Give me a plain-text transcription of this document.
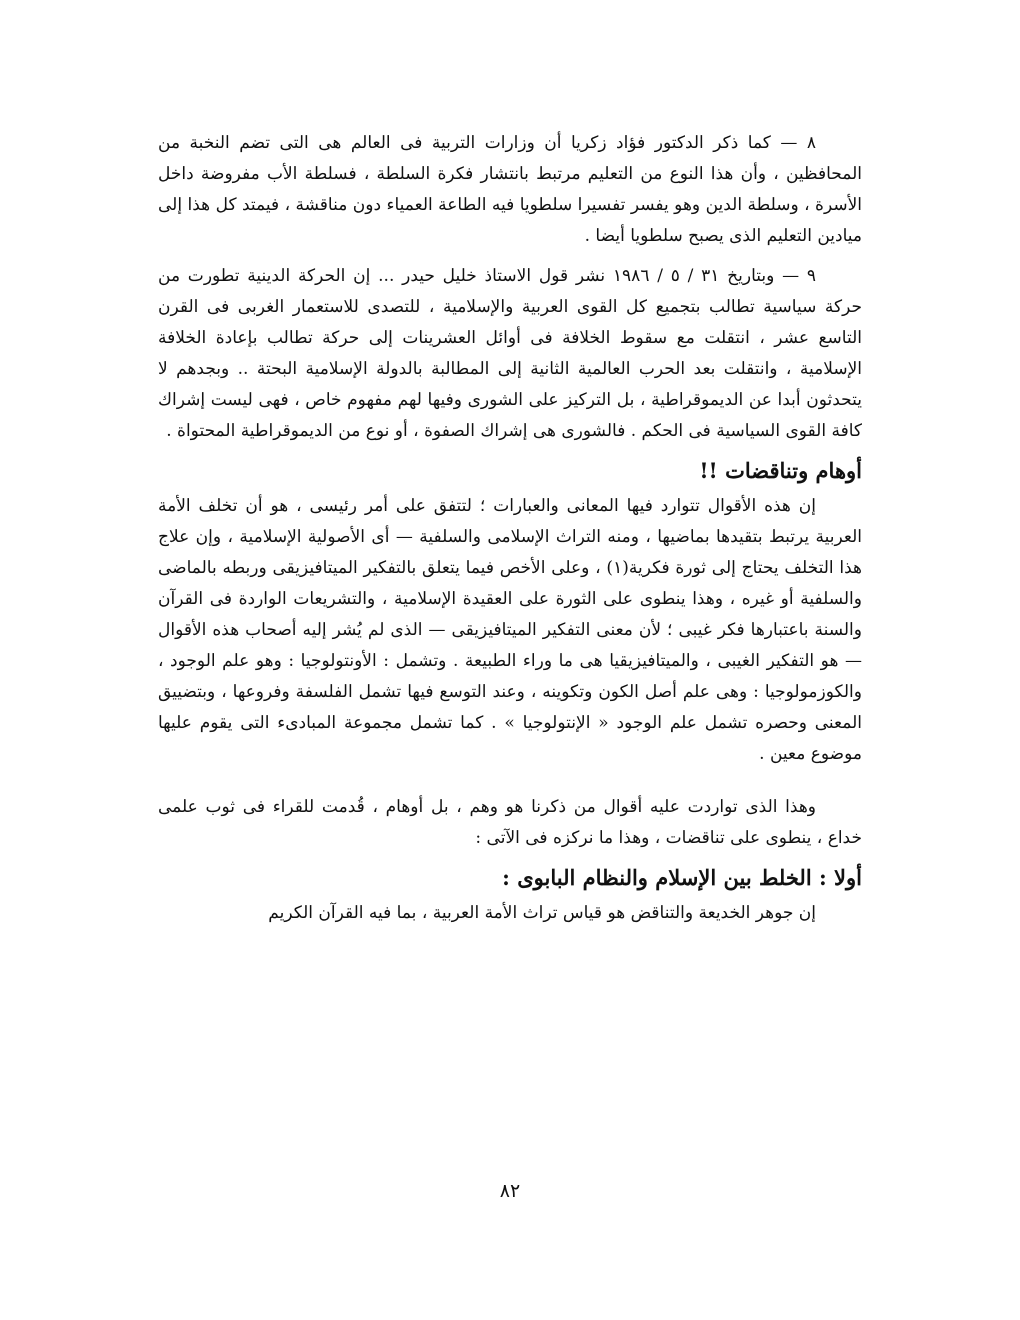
٨ — كما ذكر الدكتور فؤاد زكريا أن وزارات التربية فى العالم هى التى تضم النخبة من المحافظين ، وأن هذا النوع من التعليم مرتبط بانتشار فكرة السلطة ، فسلطة الأب مفروضة داخل الأسرة ، وسلطة الدين وهو يفسر تفسيرا سلطويا فيه الطاعة العمياء دون مناقشة ، فيمتد كل هذا إلى ميادين التعليم الذى يصبح سلطويا أيضا .

٩ — وبتاريخ ٣١ / ٥ / ١٩٨٦ نشر قول الاستاذ خليل حيدر ... إن الحركة الدينية تطورت من حركة سياسية تطالب بتجميع كل القوى العربية والإسلامية ، للتصدى للاستعمار الغربى فى القرن التاسع عشر ، انتقلت مع سقوط الخلافة فى أوائل العشرينات إلى حركة تطالب بإعادة الخلافة الإسلامية ، وانتقلت بعد الحرب العالمية الثانية إلى المطالبة بالدولة الإسلامية البحتة .. وبجدهم لا يتحدثون أبدا عن الديموقراطية ، بل التركيز على الشورى وفيها لهم مفهوم خاص ، فهى ليست إشراك كافة القوى السياسية فى الحكم . فالشورى هى إشراك الصفوة ، أو نوع من الديموقراطية المحتواة .

أوهام وتناقضات !!

إن هذه الأقوال تتوارد فيها المعانى والعبارات ؛ لتتفق على أمر رئيسى ، هو أن تخلف الأمة العربية يرتبط بتقيدها بماضيها ، ومنه التراث الإسلامى والسلفية — أى الأصولية الإسلامية ، وإن علاج هذا التخلف يحتاج إلى ثورة فكرية(١) ، وعلى الأخص فيما يتعلق بالتفكير الميتافيزيقى وربطه بالماضى والسلفية أو غيره ، وهذا ينطوى على الثورة على العقيدة الإسلامية ، والتشريعات الواردة فى القرآن والسنة باعتبارها فكر غيبى ؛ لأن معنى التفكير الميتافيزيقى — الذى لم يُشر إليه أصحاب هذه الأقوال — هو التفكير الغيبى ، والميتافيزيقيا هى ما وراء الطبيعة . وتشمل : الأونتولوجيا : وهو علم الوجود ، والكوزمولوجيا : وهى علم أصل الكون وتكوينه ، وعند التوسع فيها تشمل الفلسفة وفروعها ، وبتضييق المعنى وحصره تشمل علم الوجود « الإنتولوجيا » . كما تشمل مجموعة المبادىء التى يقوم عليها موضوع معين .

وهذا الذى تواردت عليه أقوال من ذكرنا هو وهم ، بل أوهام ، قُدمت للقراء فى ثوب علمى خداع ، ينطوى على تناقضات ، وهذا ما نركزه فى الآتى :

أولا : الخلط بين الإسلام والنظام البابوى :

إن جوهر الخديعة والتناقض هو قياس تراث الأمة العربية ، بما فيه القرآن الكريم

٨٢
